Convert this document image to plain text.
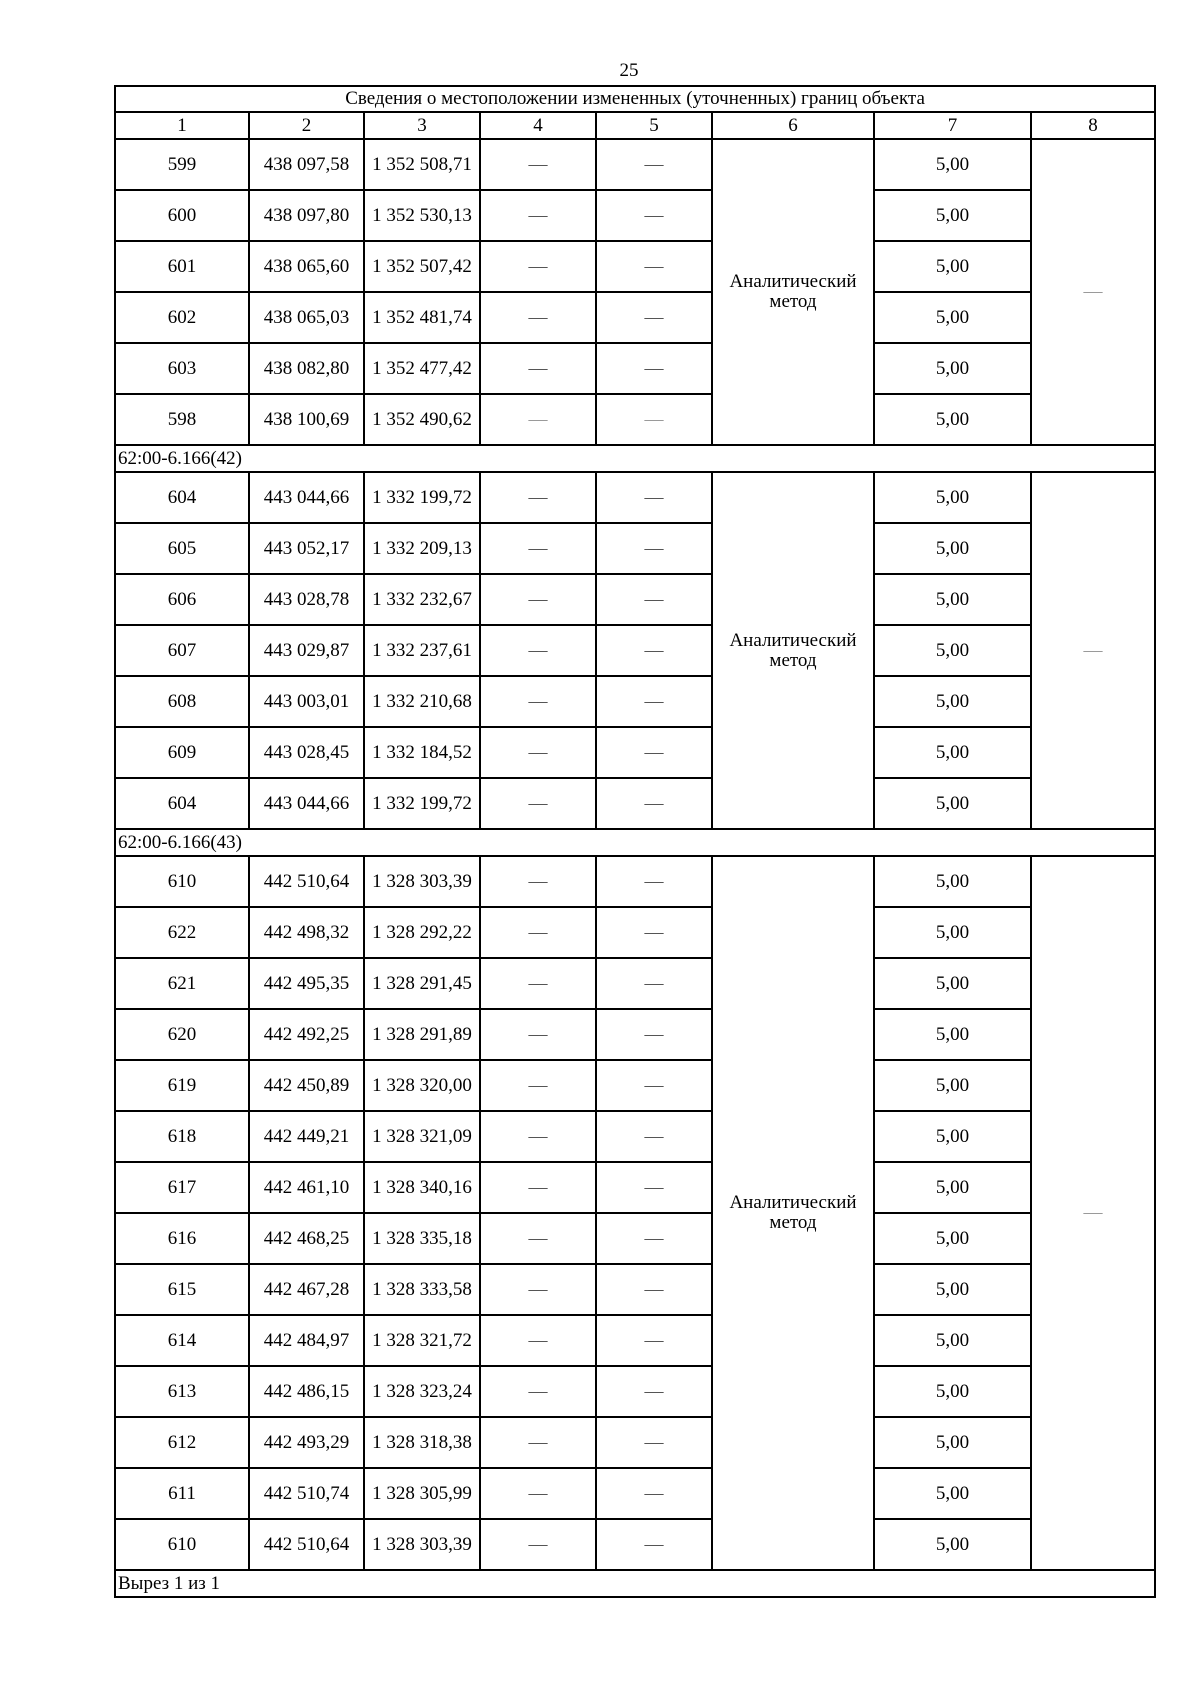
25
Сведения о местоположении измененных (уточненных) границ объекта							
1	2	3	4	5	6	7	8
599	438 097,58	1 352 508,71	—	—	Аналитический метод	5,00	—
600	438 097,80	1 352 530,13	—	—		5,00	
601	438 065,60	1 352 507,42	—	—		5,00	
602	438 065,03	1 352 481,74	—	—		5,00	
603	438 082,80	1 352 477,42	—	—		5,00	
598	438 100,69	1 352 490,62	—	—		5,00	
62:00-6.166(42)							
604	443 044,66	1 332 199,72	—	—	Аналитический метод	5,00	—
605	443 052,17	1 332 209,13	—	—		5,00	
606	443 028,78	1 332 232,67	—	—		5,00	
607	443 029,87	1 332 237,61	—	—		5,00	
608	443 003,01	1 332 210,68	—	—		5,00	
609	443 028,45	1 332 184,52	—	—		5,00	
604	443 044,66	1 332 199,72	—	—		5,00	
62:00-6.166(43)							
610	442 510,64	1 328 303,39	—	—	Аналитический метод	5,00	—
622	442 498,32	1 328 292,22	—	—		5,00	
621	442 495,35	1 328 291,45	—	—		5,00	
620	442 492,25	1 328 291,89	—	—		5,00	
619	442 450,89	1 328 320,00	—	—		5,00	
618	442 449,21	1 328 321,09	—	—		5,00	
617	442 461,10	1 328 340,16	—	—		5,00	
616	442 468,25	1 328 335,18	—	—		5,00	
615	442 467,28	1 328 333,58	—	—		5,00	
614	442 484,97	1 328 321,72	—	—		5,00	
613	442 486,15	1 328 323,24	—	—		5,00	
612	442 493,29	1 328 318,38	—	—		5,00	
611	442 510,74	1 328 305,99	—	—		5,00	
610	442 510,64	1 328 303,39	—	—		5,00	
Вырез 1 из 1							
